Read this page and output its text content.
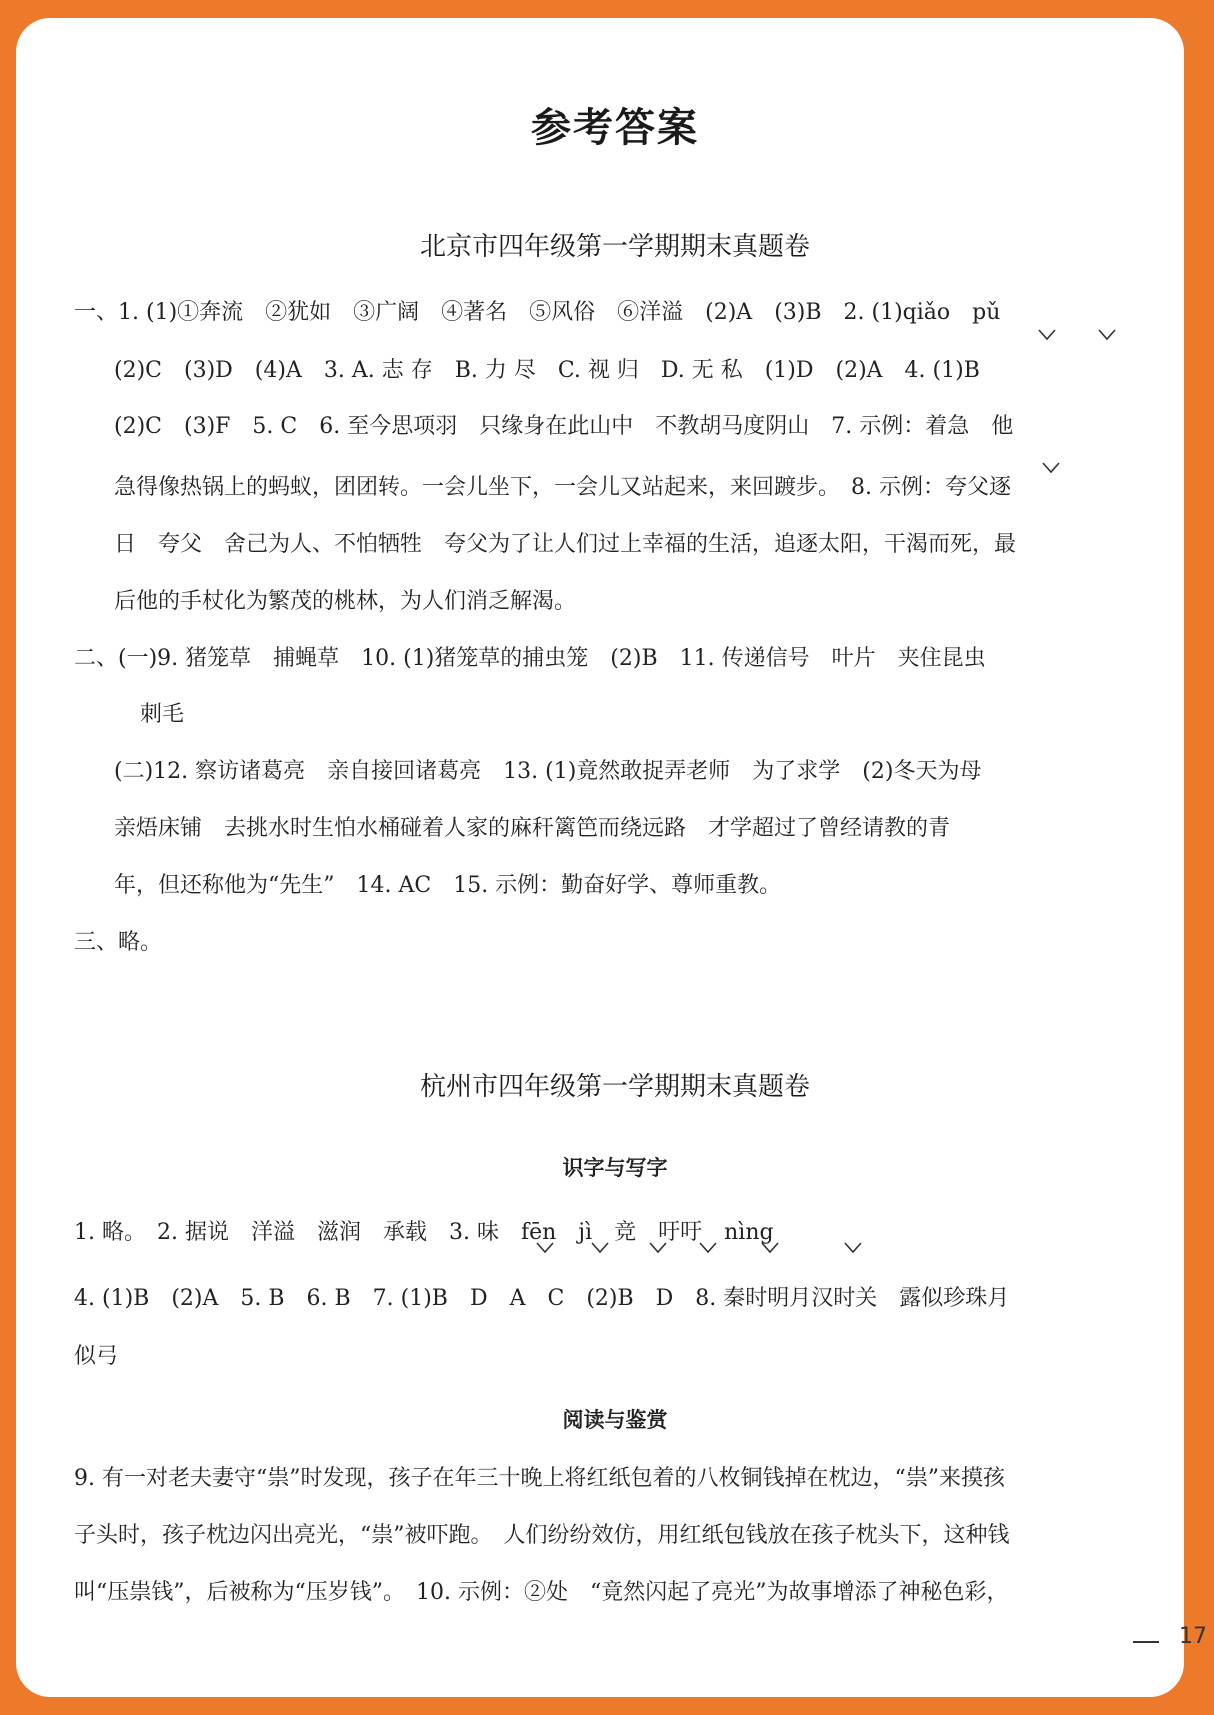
参考答案
北京市四年级第一学期期末真题卷
一、1. (1)①奔流　②犹如　③广阔　④著名　⑤风俗　⑥洋溢　(2)A　(3)B　2. (1)qiǎo　pǔ
(2)C　(3)D　(4)A　3. A. 志 存　B. 力 尽　C. 视 归　D. 无 私　(1)D　(2)A　4. (1)B
(2)C　(3)F　5. C　6. 至今思项羽　只缘身在此山中　不教胡马度阴山　7. 示例：着急　他
急得像热锅上的蚂蚁，团团转。一会儿坐下，一会儿又站起来，来回踱步。　8. 示例：夸父逐
日　夸父　舍己为人、不怕牺牲　夸父为了让人们过上幸福的生活，追逐太阳，干渴而死，最
后他的手杖化为繁茂的桃林，为人们消乏解渴。
二、(一)9. 猪笼草　捕蝇草　10. (1)猪笼草的捕虫笼　(2)B　11. 传递信号　叶片　夹住昆虫
刺毛
(二)12. 察访诸葛亮　亲自接回诸葛亮　13. (1)竟然敢捉弄老师　为了求学　(2)冬天为母
亲焐床铺　去挑水时生怕水桶碰着人家的麻秆篱笆而绕远路　才学超过了曾经请教的青
年，但还称他为“先生”　14. AC　15. 示例：勤奋好学、尊师重教。
三、略。
杭州市四年级第一学期期末真题卷
识字与写字
1. 略。　2. 据说　洋溢　滋润　承载　3. 味　fēn　jì　竞　吁吁　nìng
4. (1)B　(2)A　5. B　6. B　7. (1)B　D　A　C　(2)B　D　8. 秦时明月汉时关　露似珍珠月
似弓
阅读与鉴赏
9. 有一对老夫妻守“祟”时发现，孩子在年三十晚上将红纸包着的八枚铜钱掉在枕边，“祟”来摸孩
子头时，孩子枕边闪出亮光，“祟”被吓跑。　人们纷纷效仿，用红纸包钱放在孩子枕头下，这种钱
叫“压祟钱”，后被称为“压岁钱”。　10. 示例：②处　“竟然闪起了亮光”为故事增添了神秘色彩，
17
